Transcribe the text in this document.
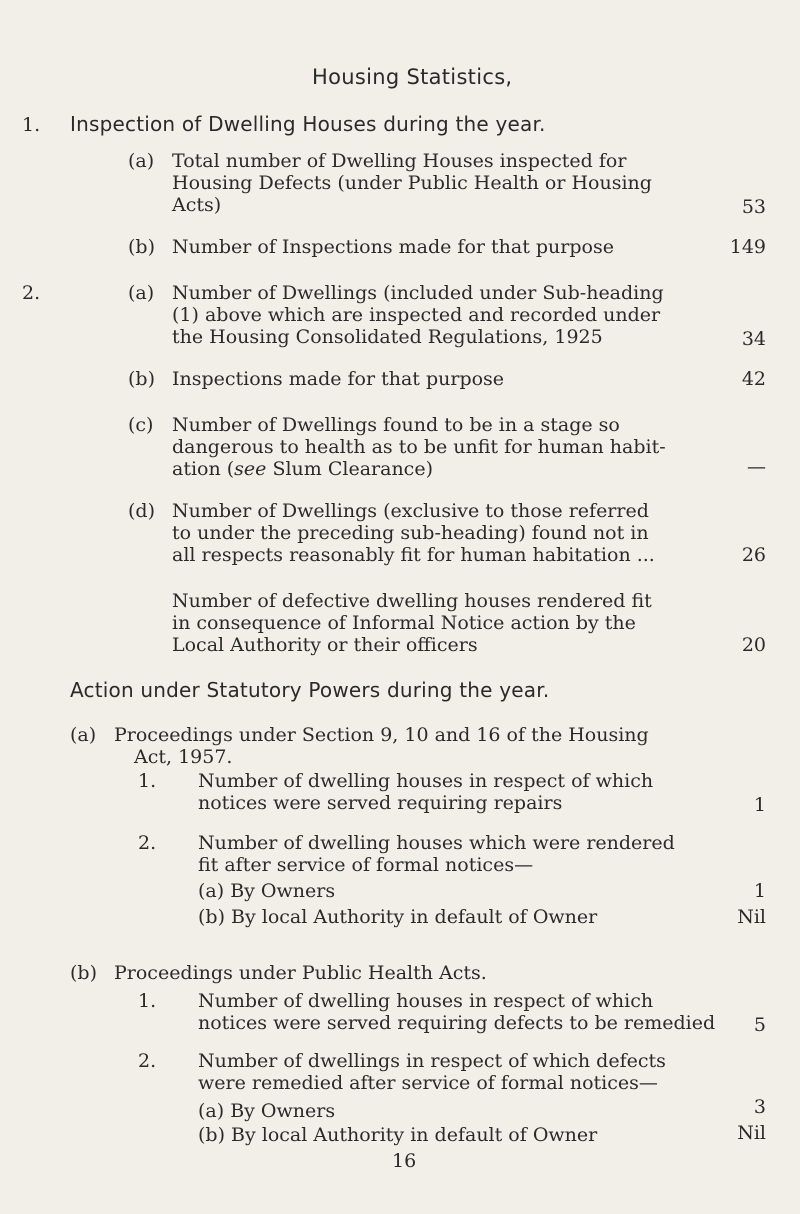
Housing Statistics,
1. Inspection of Dwelling Houses during the year.
(a) Total number of Dwelling Houses inspected for
Housing Defects (under Public Health or Housing
Acts)	53
(b) Number of Inspections made for that purpose	149
2.	(a) Number of Dwellings (included under Sub-heading
(1) above which are inspected and recorded under
the Housing Consolidated Regulations, 1925	34
(b) Inspections made for that purpose	42
(c) Number of Dwellings found to be in a stage so
dangerous to health as to be unfit for human habit-
ation (see Slum Clearance)	—
(d) Number of Dwellings (exclusive to those referred
to under the preceding sub-heading) found not in
all respects reasonably fit for human habitation ...	26
Number of defective dwelling houses rendered fit
in consequence of Informal Notice action by the
Local Authority or their officers	20
Action under Statutory Powers during the year.
(a) Proceedings under Section 9, 10 and 16 of the Housing
Act, 1957.
1. Number of dwelling houses in respect of which
notices were served requiring repairs	1
2. Number of dwelling houses which were rendered
fit after service of formal notices—
(a) By Owners	1
(b) By local Authority in default of Owner	Nil
(b) Proceedings under Public Health Acts.
1. Number of dwelling houses in respect of which
notices were served requiring defects to be remedied	5
2. Number of dwellings in respect of which defects
were remedied after service of formal notices—
(a) By Owners	3
(b) By local Authority in default of Owner	Nil
16
